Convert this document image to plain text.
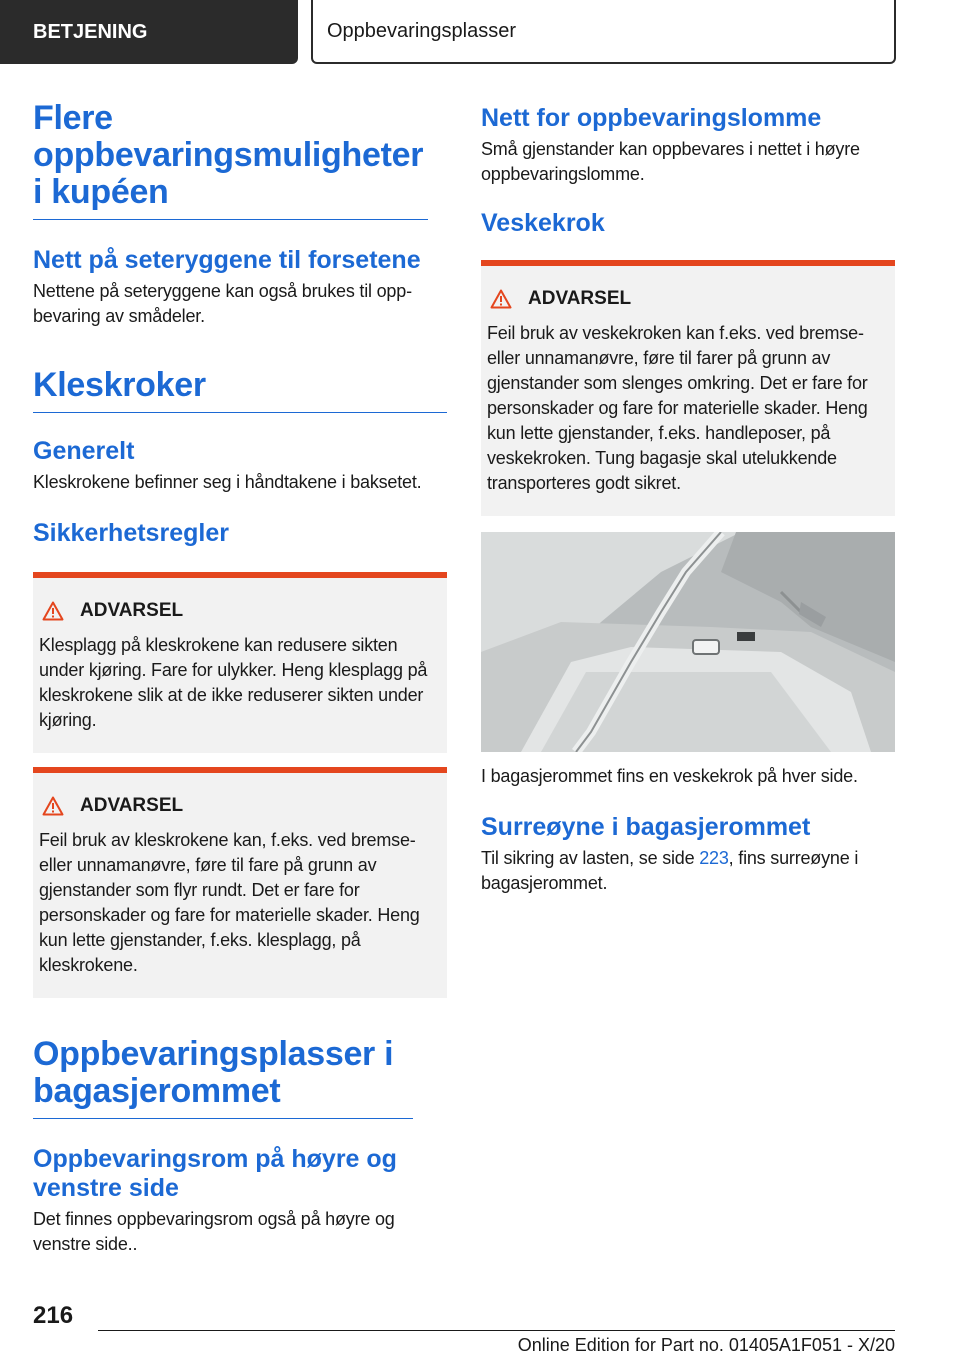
BETJENING	Oppbevaringsplasser
Flere oppbevaringsmuligheter i kupéen
Nett på seteryggene til forsetene

Nettene på seteryggene kan også brukes til oppbevaring av smådeler.

Kleskroker
Generelt

Kleskrokene befinner seg i håndtakene i baksetet.

Sikkerhetsregler
ADVARSEL
Klesplagg på kleskrokene kan redusere sikten under kjøring. Fare for ulykker. Heng klesplagg på kleskrokene slik at de ikke reduserer sikten under kjøring.
ADVARSEL
Feil bruk av kleskrokene kan, f.eks. ved bremse- eller unnamanøvre, føre til fare på grunn av gjenstander som flyr rundt. Det er fare for personskader og fare for materielle skader. Heng kun lette gjenstander, f.eks. klesplagg, på kleskrokene.
Oppbevaringsplasser i bagasjerommet
Oppbevaringsrom på høyre og venstre side

Det finnes oppbevaringsrom også på høyre og venstre side..

Nett for oppbevaringslomme

Små gjenstander kan oppbevares i nettet i høyre oppbevaringslomme.

Veskekrok
ADVARSEL
Feil bruk av veskekroken kan f.eks. ved bremse- eller unnamanøvre, føre til farer på grunn av gjenstander som slenges omkring. Det er fare for personskader og fare for materielle skader. Heng kun lette gjenstander, f.eks. handleposer, på veskekroken. Tung bagasje skal utelukkende transporteres godt sikret.

I bagasjerommet fins en veskekrok på hver side.

Surreøyne i bagasjerommet

Til sikring av lasten, se side 223, fins surreøyne i bagasjerommet.

216
Online Edition for Part no. 01405A1F051 - X/20
